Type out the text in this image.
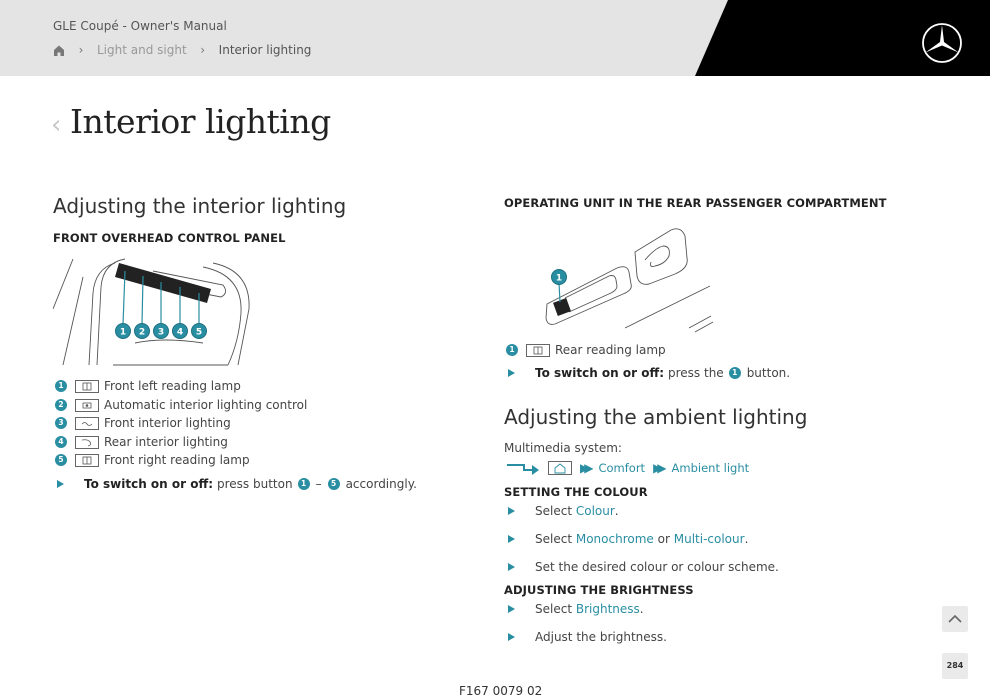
GLE Coupé - Owner's Manual
›	Light and sight	›	Interior lighting
‹ Interior lighting
Adjusting the interior lighting
FRONT OVERHEAD CONTROL PANEL
1 2 3 4 5
1	Front left reading lamp
2	Automatic interior lighting control
3	Front interior lighting
4	Rear interior lighting
5	Front right reading lamp
To switch on or off: press button	1 –	5 accordingly.
OPERATING UNIT IN THE REAR PASSENGER COMPARTMENT
1
1	Rear reading lamp
To switch on or off: press the	1 button.
Adjusting the ambient lighting
Multimedia system:
▶▶ Comfort ▶▶ Ambient light
SETTING THE COLOUR
Select
Colour .
Select
Monochrome
or
Multi-colour .
Set the desired colour or colour scheme.
ADJUSTING THE BRIGHTNESS
Select
Brightness .
Adjust the brightness.
284
F167 0079 02
